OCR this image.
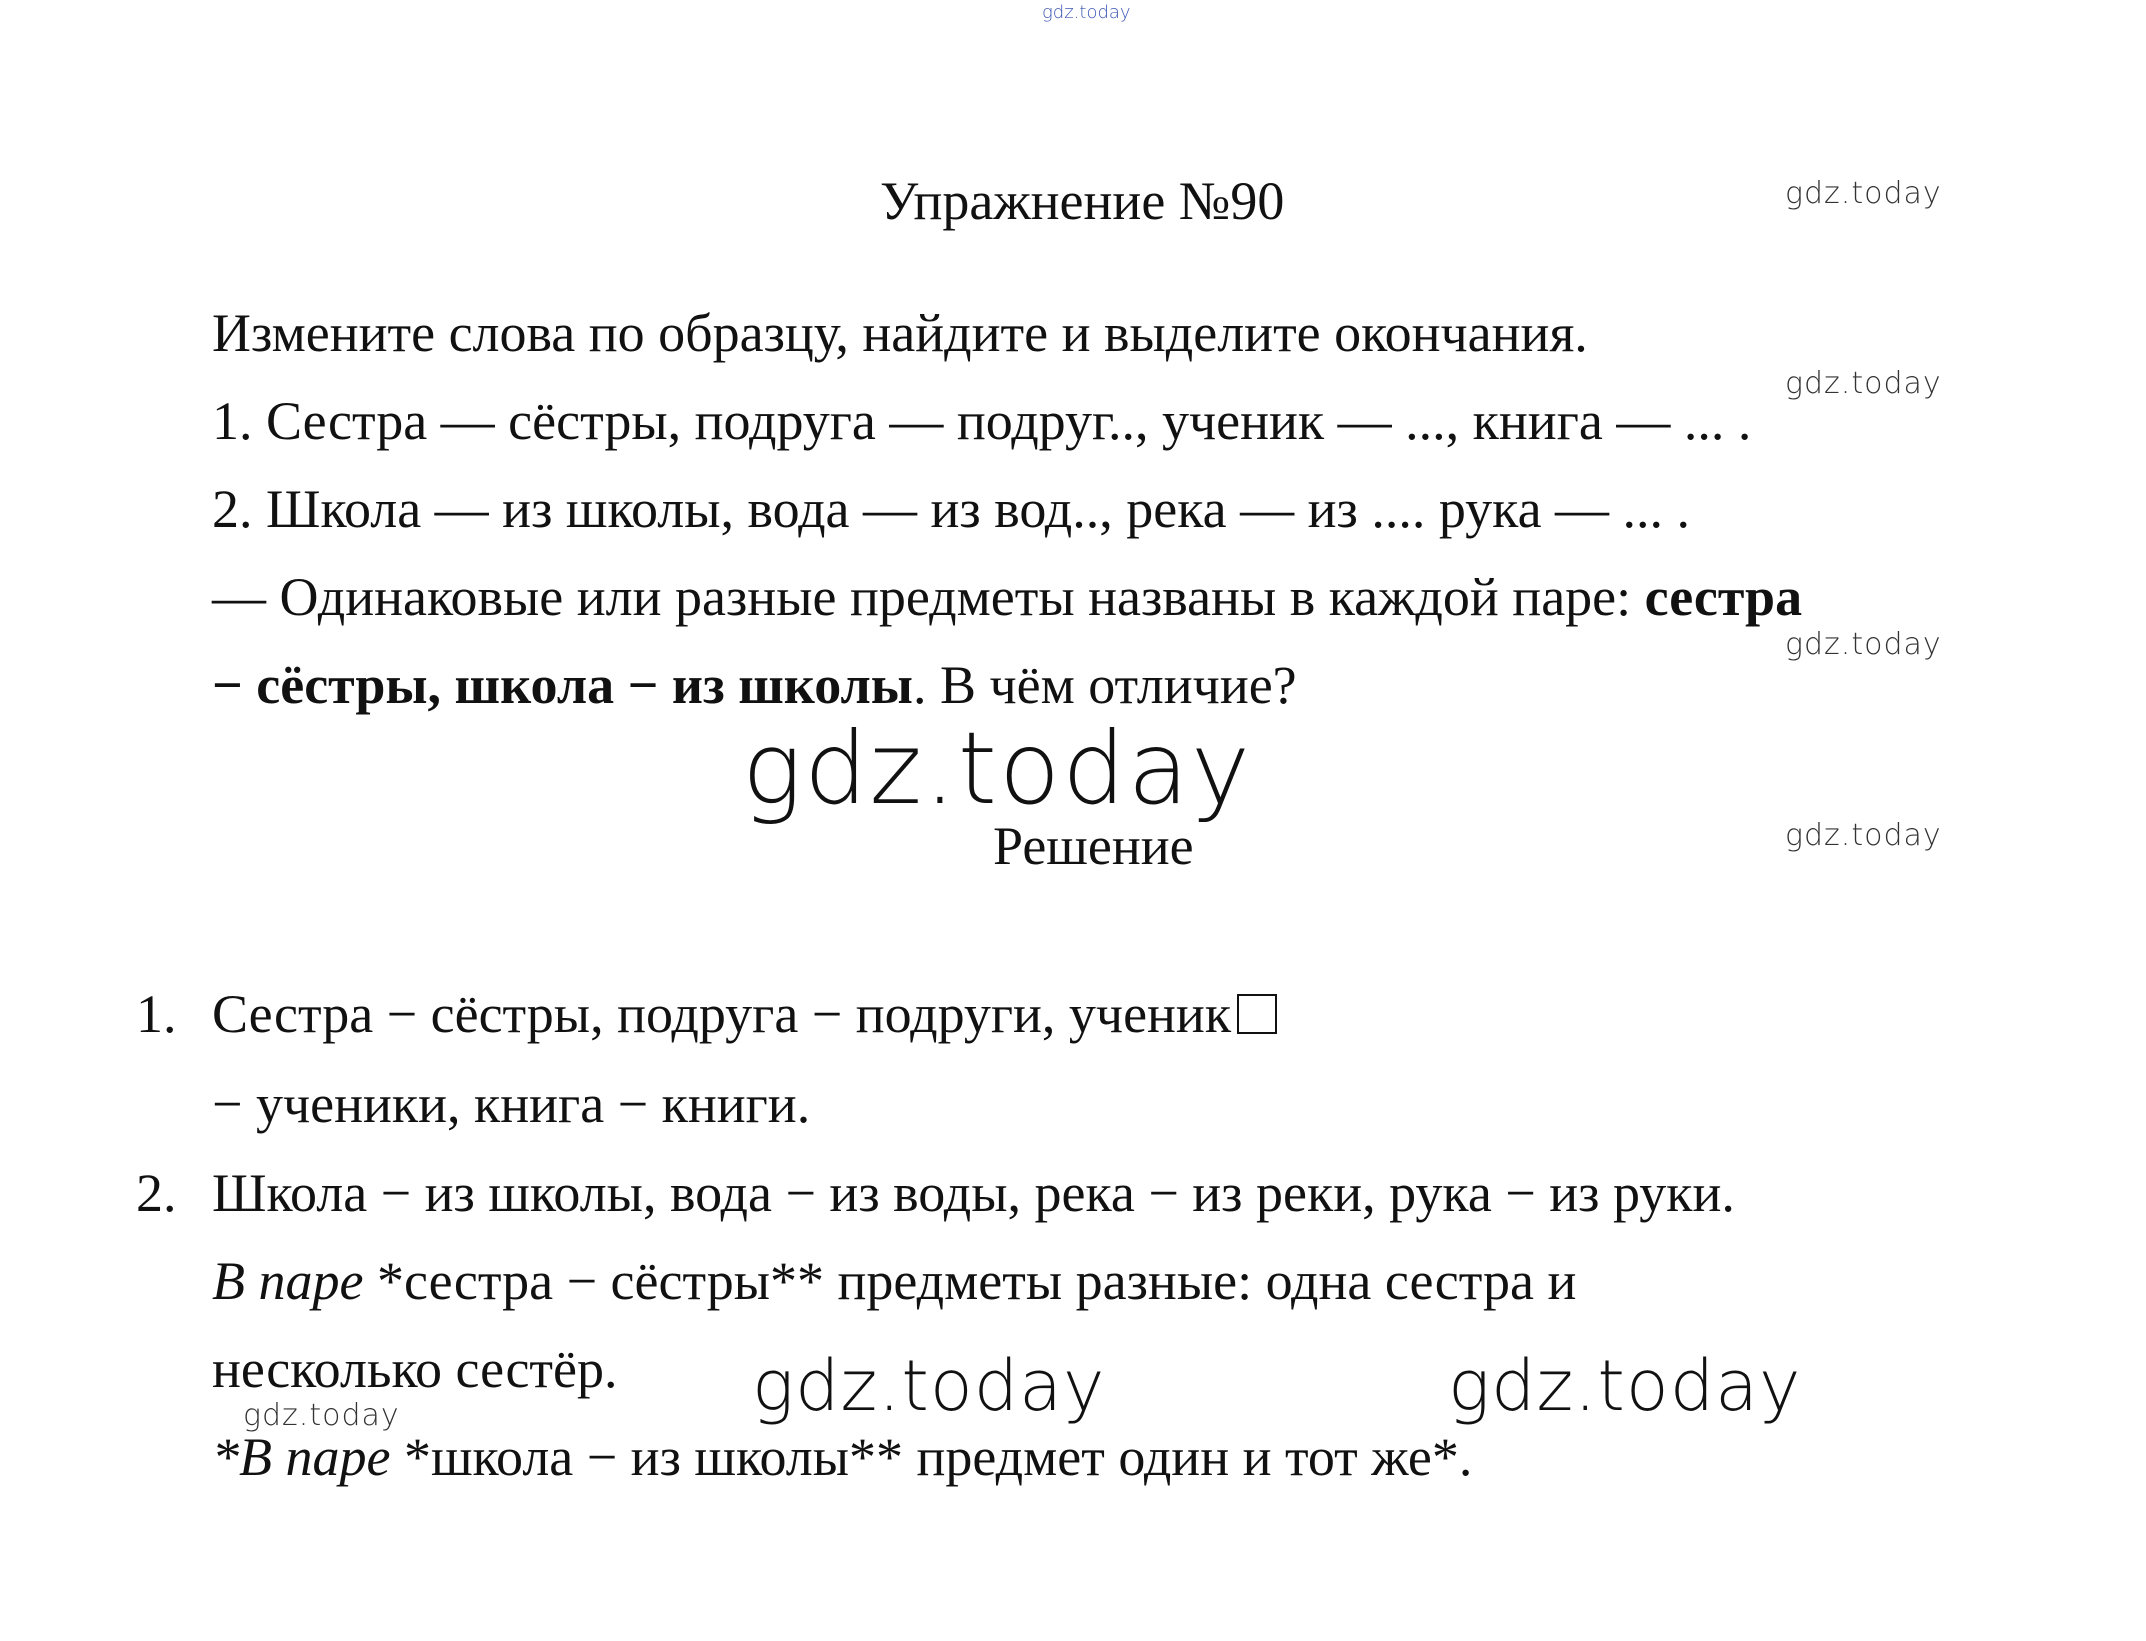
gdz.today
gdz.today
gdz.today
gdz.today
gdz.today
gdz.today
gdz.today
gdz.today	gdz.today
Упражнение №90
Измените слова по образцу, найдите и выделите окончания.
1. Сестра — сёстры, подруга — подруг.., ученик — ..., книга — ... .
2. Школа — из школы, вода — из вод.., река — из .... рука — ... .
— Одинаковые или разные предметы названы в каждой паре: сестра
− сёстры, школа − из школы. В чём отличие?
Решение
1. Сестра − сёстры, подруга − подруги, ученик
− ученики, книга − книги.
2. Школа − из школы, вода − из воды, река − из реки, рука − из руки.
В паре *сестра − сёстры** предметы разные: одна сестра и
несколько сестёр.
*В паре *школа − из школы** предмет один и тот же*.
